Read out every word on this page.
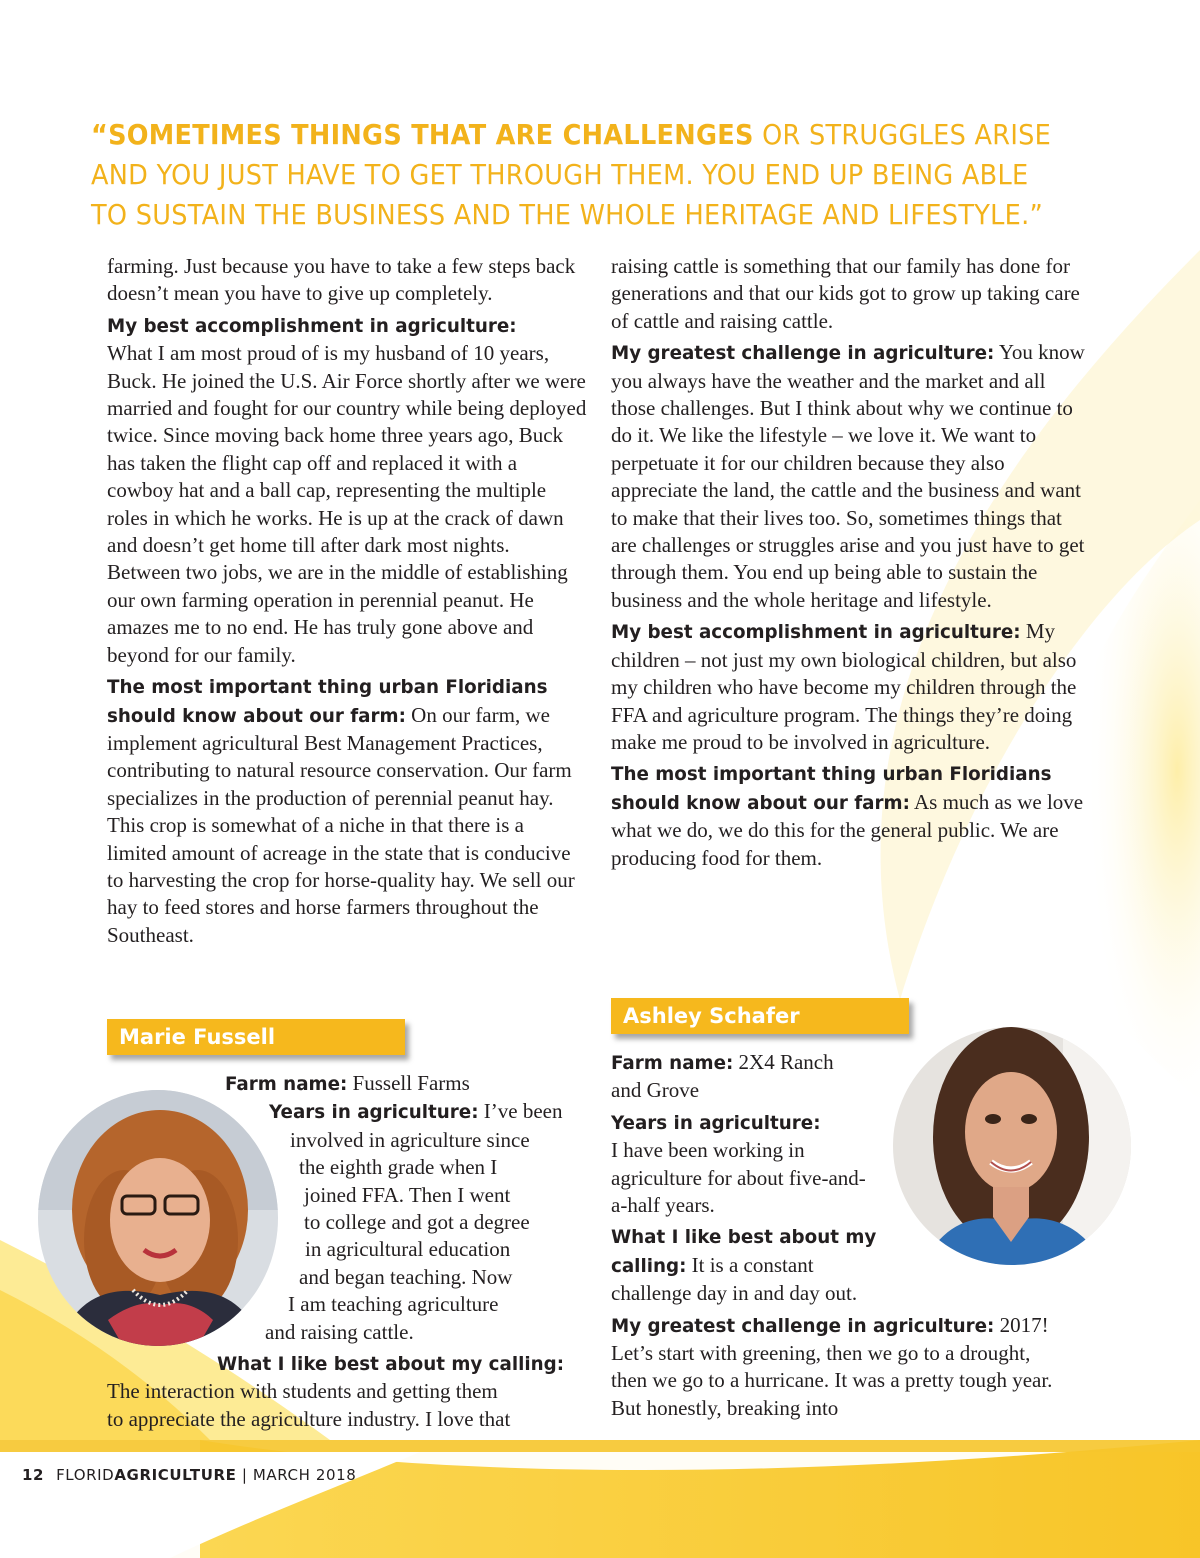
“SOMETIMES THINGS THAT ARE CHALLENGES OR STRUGGLES ARISE AND YOU JUST HAVE TO GET THROUGH THEM. YOU END UP BEING ABLE TO SUSTAIN THE BUSINESS AND THE WHOLE HERITAGE AND LIFESTYLE.”

farming. Just because you have to take a few steps back doesn’t mean you have to give up completely.

My best accomplishment in agriculture:
What I am most proud of is my husband of 10 years, Buck. He joined the U.S. Air Force shortly after we were married and fought for our country while being deployed twice. Since moving back home three years ago, Buck has taken the flight cap off and replaced it with a cowboy hat and a ball cap, representing the multiple roles in which he works. He is up at the crack of dawn and doesn’t get home till after dark most nights. Between two jobs, we are in the middle of establishing our own farming operation in perennial peanut. He amazes me to no end. He has truly gone above and beyond for our family.

The most important thing urban Floridians should know about our farm: On our farm, we implement agricultural Best Management Practices, contributing to natural resource conservation. Our farm specializes in the production of perennial peanut hay. This crop is somewhat of a niche in that there is a limited amount of acreage in the state that is conducive to harvesting the crop for horse-quality hay. We sell our hay to feed stores and horse farmers throughout the Southeast.

raising cattle is something that our family has done for generations and that our kids got to grow up taking care of cattle and raising cattle.

My greatest challenge in agriculture: You know you always have the weather and the market and all those challenges. But I think about why we continue to do it. We like the lifestyle – we love it. We want to perpetuate it for our children because they also appreciate the land, the cattle and the business and want to make that their lives too. So, sometimes things that are challenges or struggles arise and you just have to get through them. You end up being able to sustain the business and the whole heritage and lifestyle.

My best accomplishment in agriculture: My children – not just my own biological children, but also my children who have become my children through the FFA and agriculture program. The things they’re doing make me proud to be involved in agriculture.

The most important thing urban Floridians should know about our farm: As much as we love what we do, we do this for the general public. We are producing food for them.

Marie Fussell
Farm name: Fussell Farms
Years in agriculture: I’ve been
involved in agriculture since
the eighth grade when I
joined FFA. Then I went
to college and got a degree
in agricultural education
and began teaching. Now
I am teaching agriculture
and raising cattle.
What I like best about my calling:
The interaction with students and getting them
to appreciate the agriculture industry. I love that
Ashley Schafer

Farm name: 2X4 Ranch and Grove

Years in agriculture:
I have been working in agriculture for about five-and-a-half years.

What I like best about my calling: It is a constant challenge day in and day out.

My greatest challenge in agriculture: 2017! Let’s start with greening, then we go to a drought, then we go to a hurricane. It was a pretty tough year. But honestly, breaking into

12 FLORIDAGRICULTURE | MARCH 2018
